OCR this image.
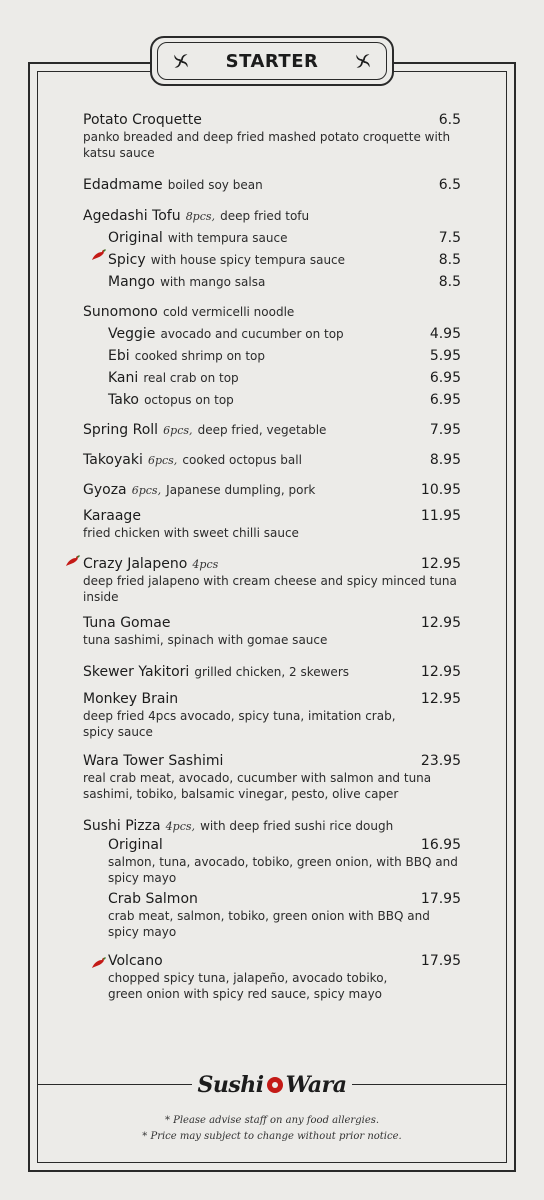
STARTER
Potato Croquette	6.5
panko breaded and deep fried mashed potato croquette with katsu sauce
Edadmame boiled soy bean	6.5
Agedashi Tofu 8pcs, deep fried tofu
Original with tempura sauce	7.5
Spicy with house spicy tempura sauce	8.5
Mango with mango salsa	8.5
Sunomono cold vermicelli noodle
Veggie avocado and cucumber on top	4.95
Ebi cooked shrimp on top	5.95
Kani real crab on top	6.95
Tako octopus on top	6.95
Spring Roll 6pcs, deep fried, vegetable	7.95
Takoyaki 6pcs, cooked octopus ball	8.95
Gyoza 6pcs, Japanese dumpling, pork	10.95
Karaage	11.95
fried chicken with sweet chilli sauce
Crazy Jalapeno 4pcs	12.95
deep fried jalapeno with cream cheese and spicy minced tuna inside
Tuna Gomae	12.95
tuna sashimi, spinach with gomae sauce
Skewer Yakitori grilled chicken, 2 skewers	12.95
Monkey Brain	12.95
deep fried 4pcs avocado, spicy tuna, imitation crab, spicy sauce
Wara Tower Sashimi	23.95
real crab meat, avocado, cucumber with salmon and tuna sashimi, tobiko, balsamic vinegar, pesto, olive caper
Sushi Pizza 4pcs, with deep fried sushi rice dough
Original	16.95
salmon, tuna, avocado, tobiko, green onion, with BBQ and spicy mayo
Crab Salmon	17.95
crab meat, salmon, tobiko, green onion with BBQ and spicy mayo
Volcano	17.95
chopped spicy tuna, jalapeño, avocado tobiko, green onion with spicy red sauce, spicy mayo
Sushi Wara
* Please advise staff on any food allergies.
* Price may subject to change without prior notice.
